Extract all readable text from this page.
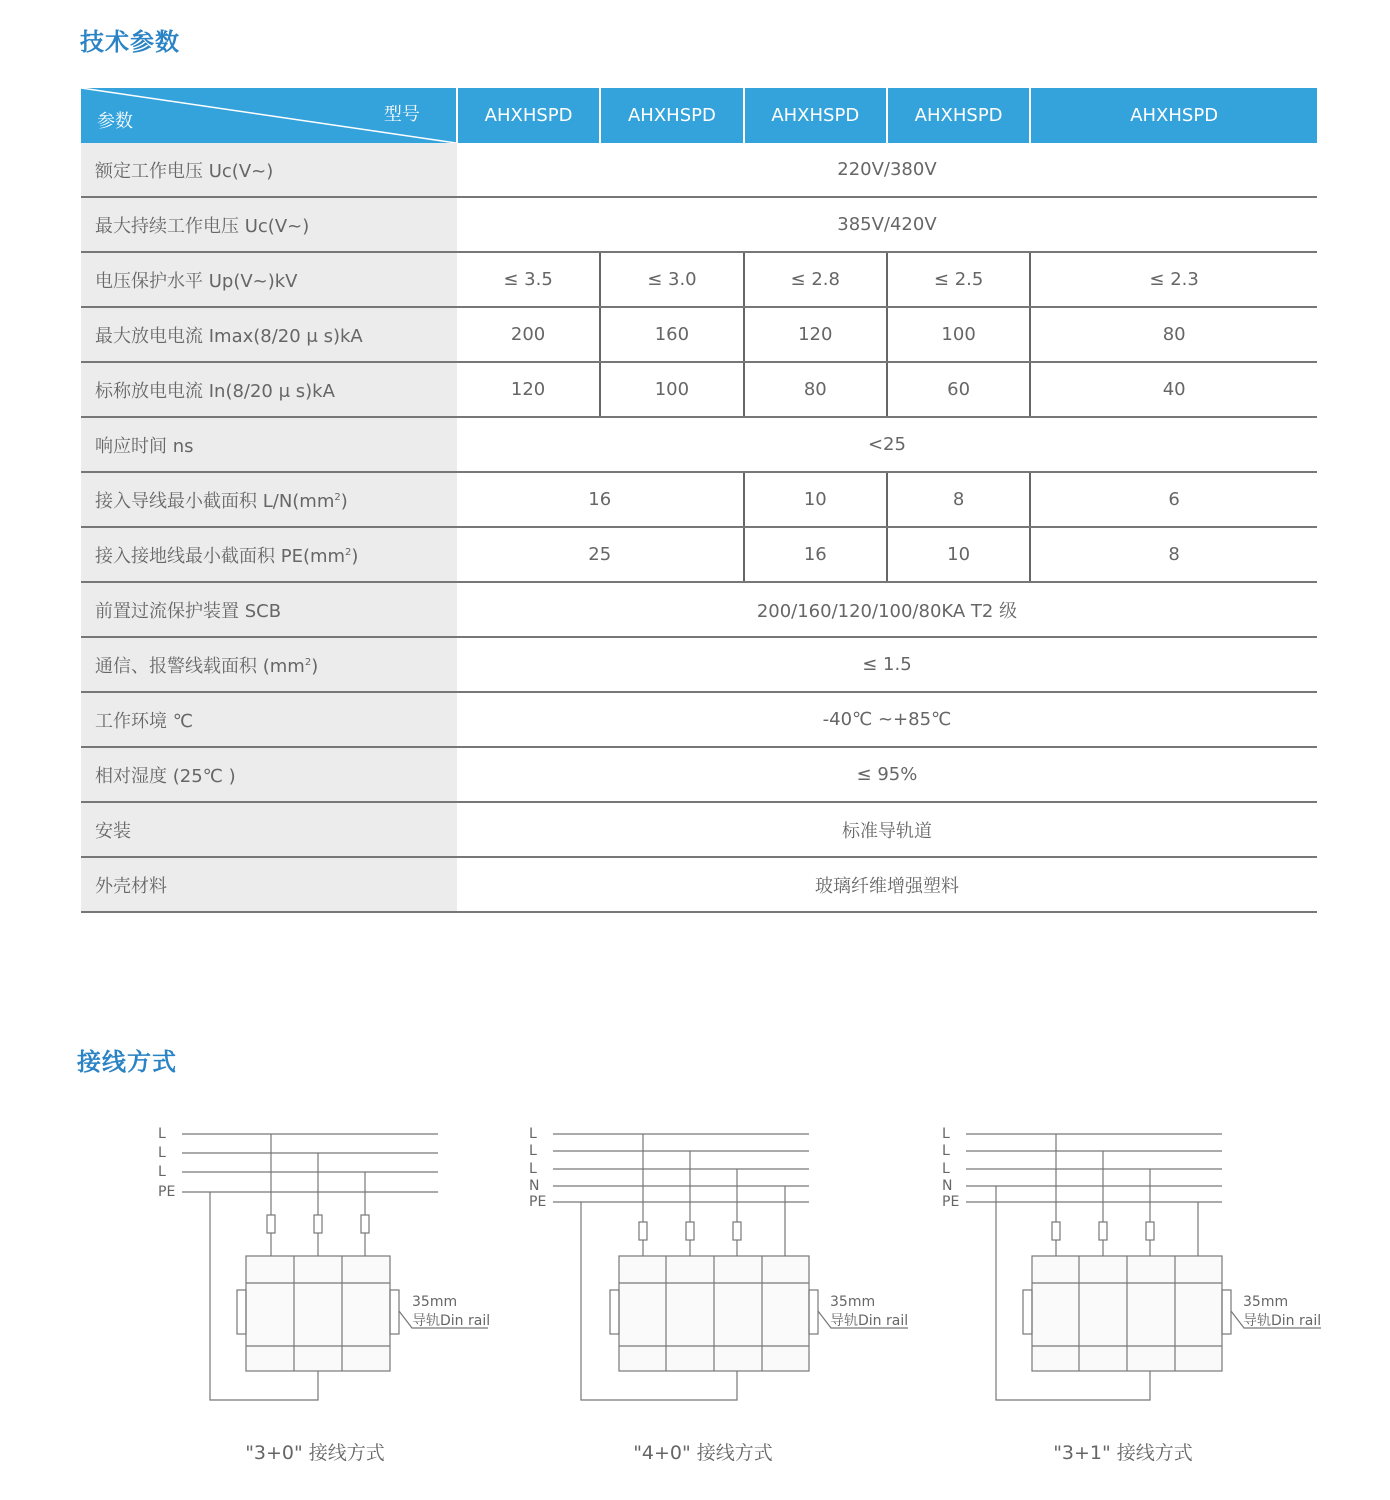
技术参数
型号
参数	AHXHSPD	AHXHSPD	AHXHSPD	AHXHSPD	AHXHSPD
额定工作电压 Uc(V~)	220V/380V				
最大持续工作电压 Uc(V~)	385V/420V				
电压保护水平 Up(V~)kV	≤ 3.5	≤ 3.0	≤ 2.8	≤ 2.5	≤ 2.3
最大放电电流 Imax(8/20 μ s)kA	200	160	120	100	80
标称放电电流 In(8/20 μ s)kA	120	100	80	60	40
响应时间 ns	<25				
接入导线最小截面积 $L/N(mm^2)$	16		10	8	6
接入接地线最小截面积 $PE(mm^2)$	25		16	10	8
前置过流保护装置 SCB	200/160/120/100/80KA T2 级				
通信、报警线载面积 $(mm^2)$	≤ 1.5				
工作环境 ℃	-40℃ ~+85℃				
相对湿度 (25℃ )	≤ 95%				
安装	标准导轨道				
外壳材料	玻璃纤维增强塑料				
接线方式
L
L
L
PE
35mm
导轨Din rail
"3+0" 接线方式
L
L
L
N
PE
35mm
导轨Din rail
"4+0" 接线方式
L
L
L
N
PE
35mm
导轨Din rail
"3+1" 接线方式
